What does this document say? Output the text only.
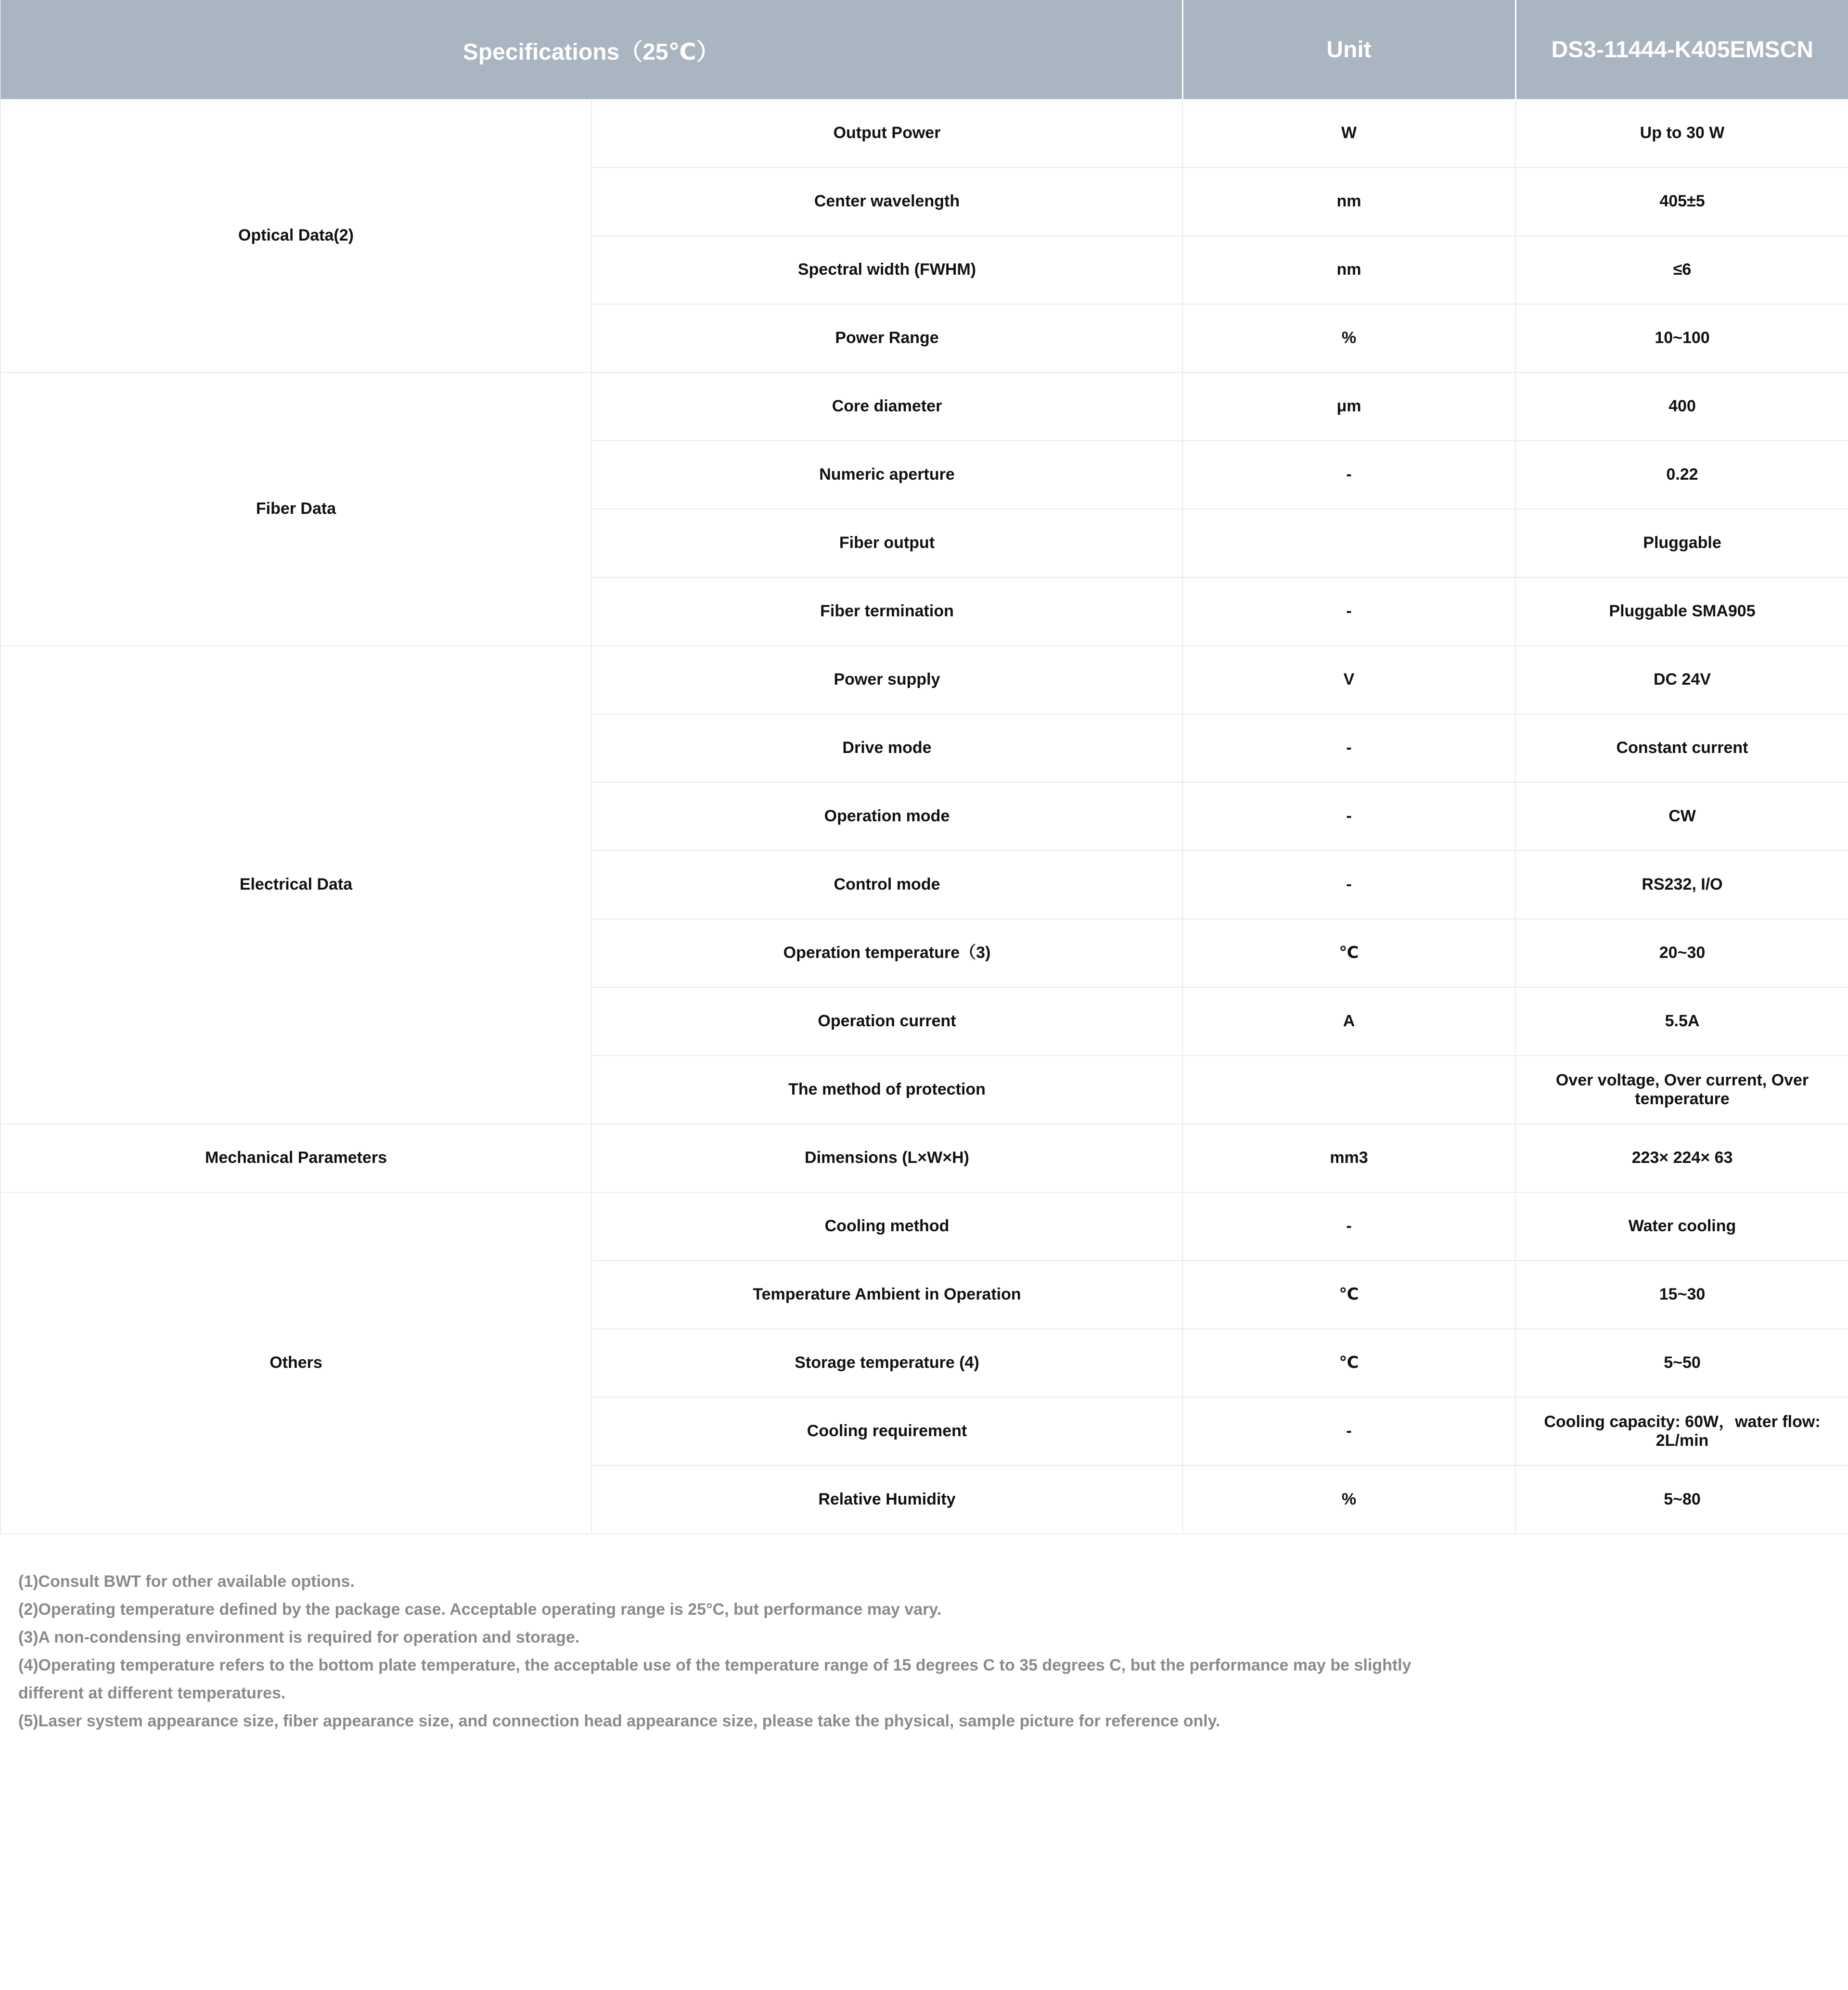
Specifications（25℃）		Unit	DS3-11444-K405EMSCN
Optical Data(2)	Output Power	W	Up to 30 W
	Center wavelength	nm	405±5
	Spectral width (FWHM)	nm	≤6
	Power Range	%	10~100
Fiber Data	Core diameter	μm	400
	Numeric aperture	-	0.22
	Fiber output		Pluggable
	Fiber termination	-	Pluggable SMA905
Electrical Data	Power supply	V	DC 24V
	Drive mode	-	Constant current
	Operation mode	-	CW
	Control mode	-	RS232, I/O
	Operation temperature（3)	℃	20~30
	Operation current	A	5.5A
	The method of protection		Over voltage, Over current, Over temperature
Mechanical Parameters	Dimensions (L×W×H)	mm3	223× 224× 63
Others	Cooling method	-	Water cooling
	Temperature Ambient in Operation	℃	15~30
	Storage temperature (4)	℃	5~50
	Cooling requirement	-	Cooling capacity: 60W，water flow: 2L/min
	Relative Humidity	%	5~80

(1)Consult BWT for other available options.

(2)Operating temperature defined by the package case. Acceptable operating range is 25°C, but performance may vary.

(3)A non-condensing environment is required for operation and storage.

(4)Operating temperature refers to the bottom plate temperature, the acceptable use of the temperature range of 15 degrees C to 35 degrees C, but the performance may be slightly different at different temperatures.

(5)Laser system appearance size, fiber appearance size, and connection head appearance size, please take the physical, sample picture for reference only.
